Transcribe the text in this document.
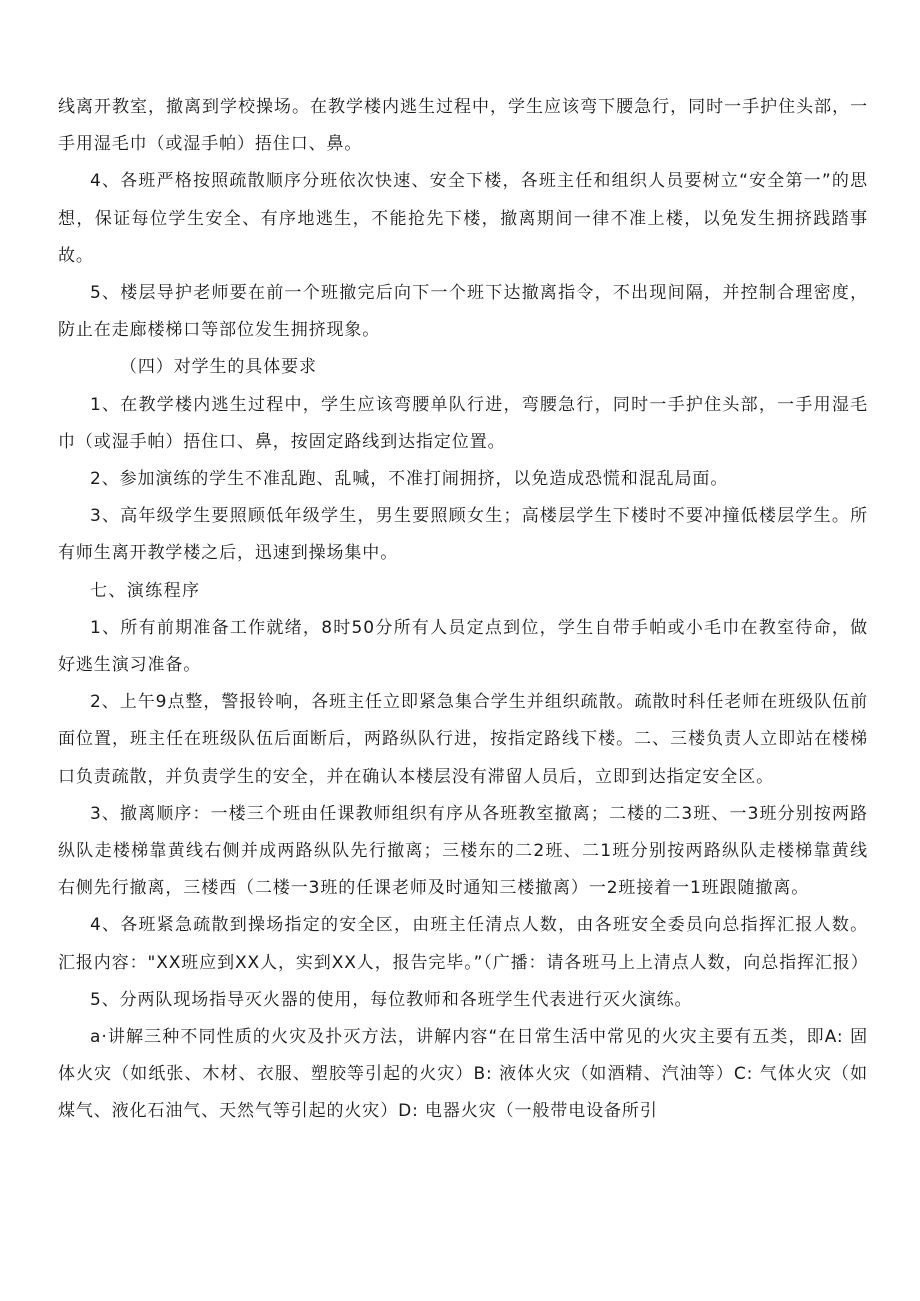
线离开教室，撤离到学校操场。在教学楼内逃生过程中，学生应该弯下腰急行，同时一手护住头部，一手用湿毛巾（或湿手帕）捂住口、鼻。

4、各班严格按照疏散顺序分班依次快速、安全下楼，各班主任和组织人员要树立“安全第一”的思想，保证每位学生安全、有序地逃生，不能抢先下楼，撤离期间一律不准上楼，以免发生拥挤践踏事故。

5、楼层导护老师要在前一个班撤完后向下一个班下达撤离指令，不出现间隔，并控制合理密度，防止在走廊楼梯口等部位发生拥挤现象。

（四）对学生的具体要求

1、在教学楼内逃生过程中，学生应该弯腰单队行进，弯腰急行，同时一手护住头部，一手用湿毛巾（或湿手帕）捂住口、鼻，按固定路线到达指定位置。

2、参加演练的学生不准乱跑、乱喊，不准打闹拥挤，以免造成恐慌和混乱局面。

3、高年级学生要照顾低年级学生，男生要照顾女生；高楼层学生下楼时不要冲撞低楼层学生。所有师生离开教学楼之后，迅速到操场集中。

七、演练程序

1、所有前期准备工作就绪，8时50分所有人员定点到位，学生自带手帕或小毛巾在教室待命，做好逃生演习准备。

2、上午9点整，警报铃响，各班主任立即紧急集合学生并组织疏散。疏散时科任老师在班级队伍前面位置，班主任在班级队伍后面断后，两路纵队行进，按指定路线下楼。二、三楼负责人立即站在楼梯口负责疏散，并负责学生的安全，并在确认本楼层没有滞留人员后，立即到达指定安全区。

3、撤离顺序：一楼三个班由任课教师组织有序从各班教室撤离；二楼的二3班、一3班分别按两路纵队走楼梯靠黄线右侧并成两路纵队先行撤离；三楼东的二2班、二1班分别按两路纵队走楼梯靠黄线右侧先行撤离，三楼西（二楼一3班的任课老师及时通知三楼撤离）一2班接着一1班跟随撤离。

4、各班紧急疏散到操场指定的安全区，由班主任清点人数，由各班安全委员向总指挥汇报人数。汇报内容："XX班应到XX人，实到XX人，报告完毕。”（广播：请各班马上上清点人数，向总指挥汇报）

5、分两队现场指导灭火器的使用，每位教师和各班学生代表进行灭火演练。

a·讲解三种不同性质的火灾及扑灭方法，讲解内容“在日常生活中常见的火灾主要有五类，即A: 固体火灾（如纸张、木材、衣服、塑胶等引起的火灾）B: 液体火灾（如酒精、汽油等）C: 气体火灾（如煤气、液化石油气、天然气等引起的火灾）D: 电器火灾（一般带电设备所引
